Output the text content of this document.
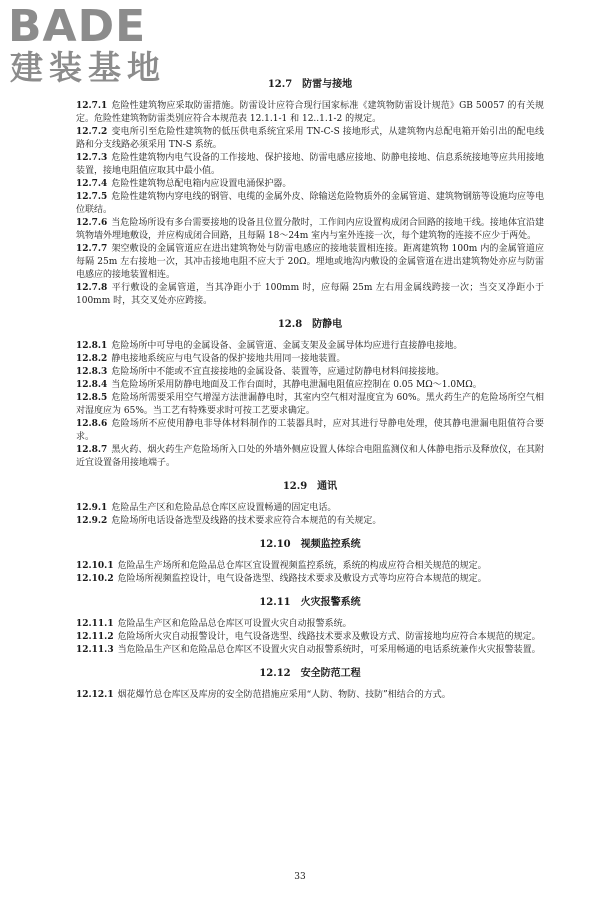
BADE
建装基地	12.7 防雷与接地

12.7.1 危险性建筑物应采取防雷措施。防雷设计应符合现行国家标准《建筑物防雷设计规范》GB 50057 的有关规定。危险性建筑物防雷类别应符合本规范表 12.1.1-1 和 12..1.1-2 的规定。

12.7.2 变电所引至危险性建筑物的低压供电系统宜采用 TN-C-S 接地形式，从建筑物内总配电箱开始引出的配电线路和分支线路必须采用 TN-S 系统。

12.7.3 危险性建筑物内电气设备的工作接地、保护接地、防雷电感应接地、防静电接地、信息系统接地等应共用接地装置，接地电阻值应取其中最小值。

12.7.4 危险性建筑物总配电箱内应设置电涌保护器。

12.7.5 危险性建筑物内穿电线的钢管、电缆的金属外皮、除输送危险物质外的金属管道、建筑物钢筋等设施均应等电位联结。

12.7.6 当危险场所设有多台需要接地的设备且位置分散时，工作间内应设置构成闭合回路的接地干线。接地体宜沿建筑物墙外埋地敷设，并应构成闭合回路，且每隔 18～24m 室内与室外连接一次，每个建筑物的连接不应少于两处。

12.7.7 架空敷设的金属管道应在进出建筑物处与防雷电感应的接地装置相连接。距离建筑物 100m 内的金属管道应每隔 25m 左右接地一次，其冲击接地电阻不应大于 20Ω。埋地或地沟内敷设的金属管道在进出建筑物处亦应与防雷电感应的接地装置相连。

12.7.8 平行敷设的金属管道，当其净距小于 100mm 时，应每隔 25m 左右用金属线跨接一次；当交叉净距小于 100mm 时，其交叉处亦应跨接。

12.8 防静电

12.8.1 危险场所中可导电的金属设备、金属管道、金属支架及金属导体均应进行直接静电接地。

12.8.2 静电接地系统应与电气设备的保护接地共用同一接地装置。

12.8.3 危险场所中不能或不宜直接接地的金属设备、装置等，应通过防静电材料间接接地。

12.8.4 当危险场所采用防静电地面及工作台面时，其静电泄漏电阻值应控制在 0.05 MΩ～1.0MΩ。

12.8.5 危险场所需要采用空气增湿方法泄漏静电时，其室内空气相对湿度宜为 60%。黑火药生产的危险场所空气相对湿度应为 65%。当工艺有特殊要求时可按工艺要求确定。

12.8.6 危险场所不应使用静电非导体材料制作的工装器具时，应对其进行导静电处理，使其静电泄漏电阻值符合要求。

12.8.7 黑火药、烟火药生产危险场所入口处的外墙外侧应设置人体综合电阻监测仪和人体静电指示及释放仪，在其附近宜设置备用接地端子。

12.9 通讯

12.9.1 危险品生产区和危险品总仓库区应设置畅通的固定电话。

12.9.2 危险场所电话设备选型及线路的技术要求应符合本规范的有关规定。

12.10 视频监控系统

12.10.1 危险品生产场所和危险品总仓库区宜设置视频监控系统，系统的构成应符合相关规范的规定。

12.10.2 危险场所视频监控设计，电气设备选型、线路技术要求及敷设方式等均应符合本规范的规定。

12.11 火灾报警系统

12.11.1 危险品生产区和危险品总仓库区可设置火灾自动报警系统。

12.11.2 危险场所火灾自动报警设计，电气设备选型、线路技术要求及敷设方式、防雷接地均应符合本规范的规定。

12.11.3 当危险品生产区和危险品总仓库区不设置火灾自动报警系统时，可采用畅通的电话系统兼作火灾报警装置。

12.12 安全防范工程

12.12.1 烟花爆竹总仓库区及库房的安全防范措施应采用“人防、物防、技防”相结合的方式。

33
